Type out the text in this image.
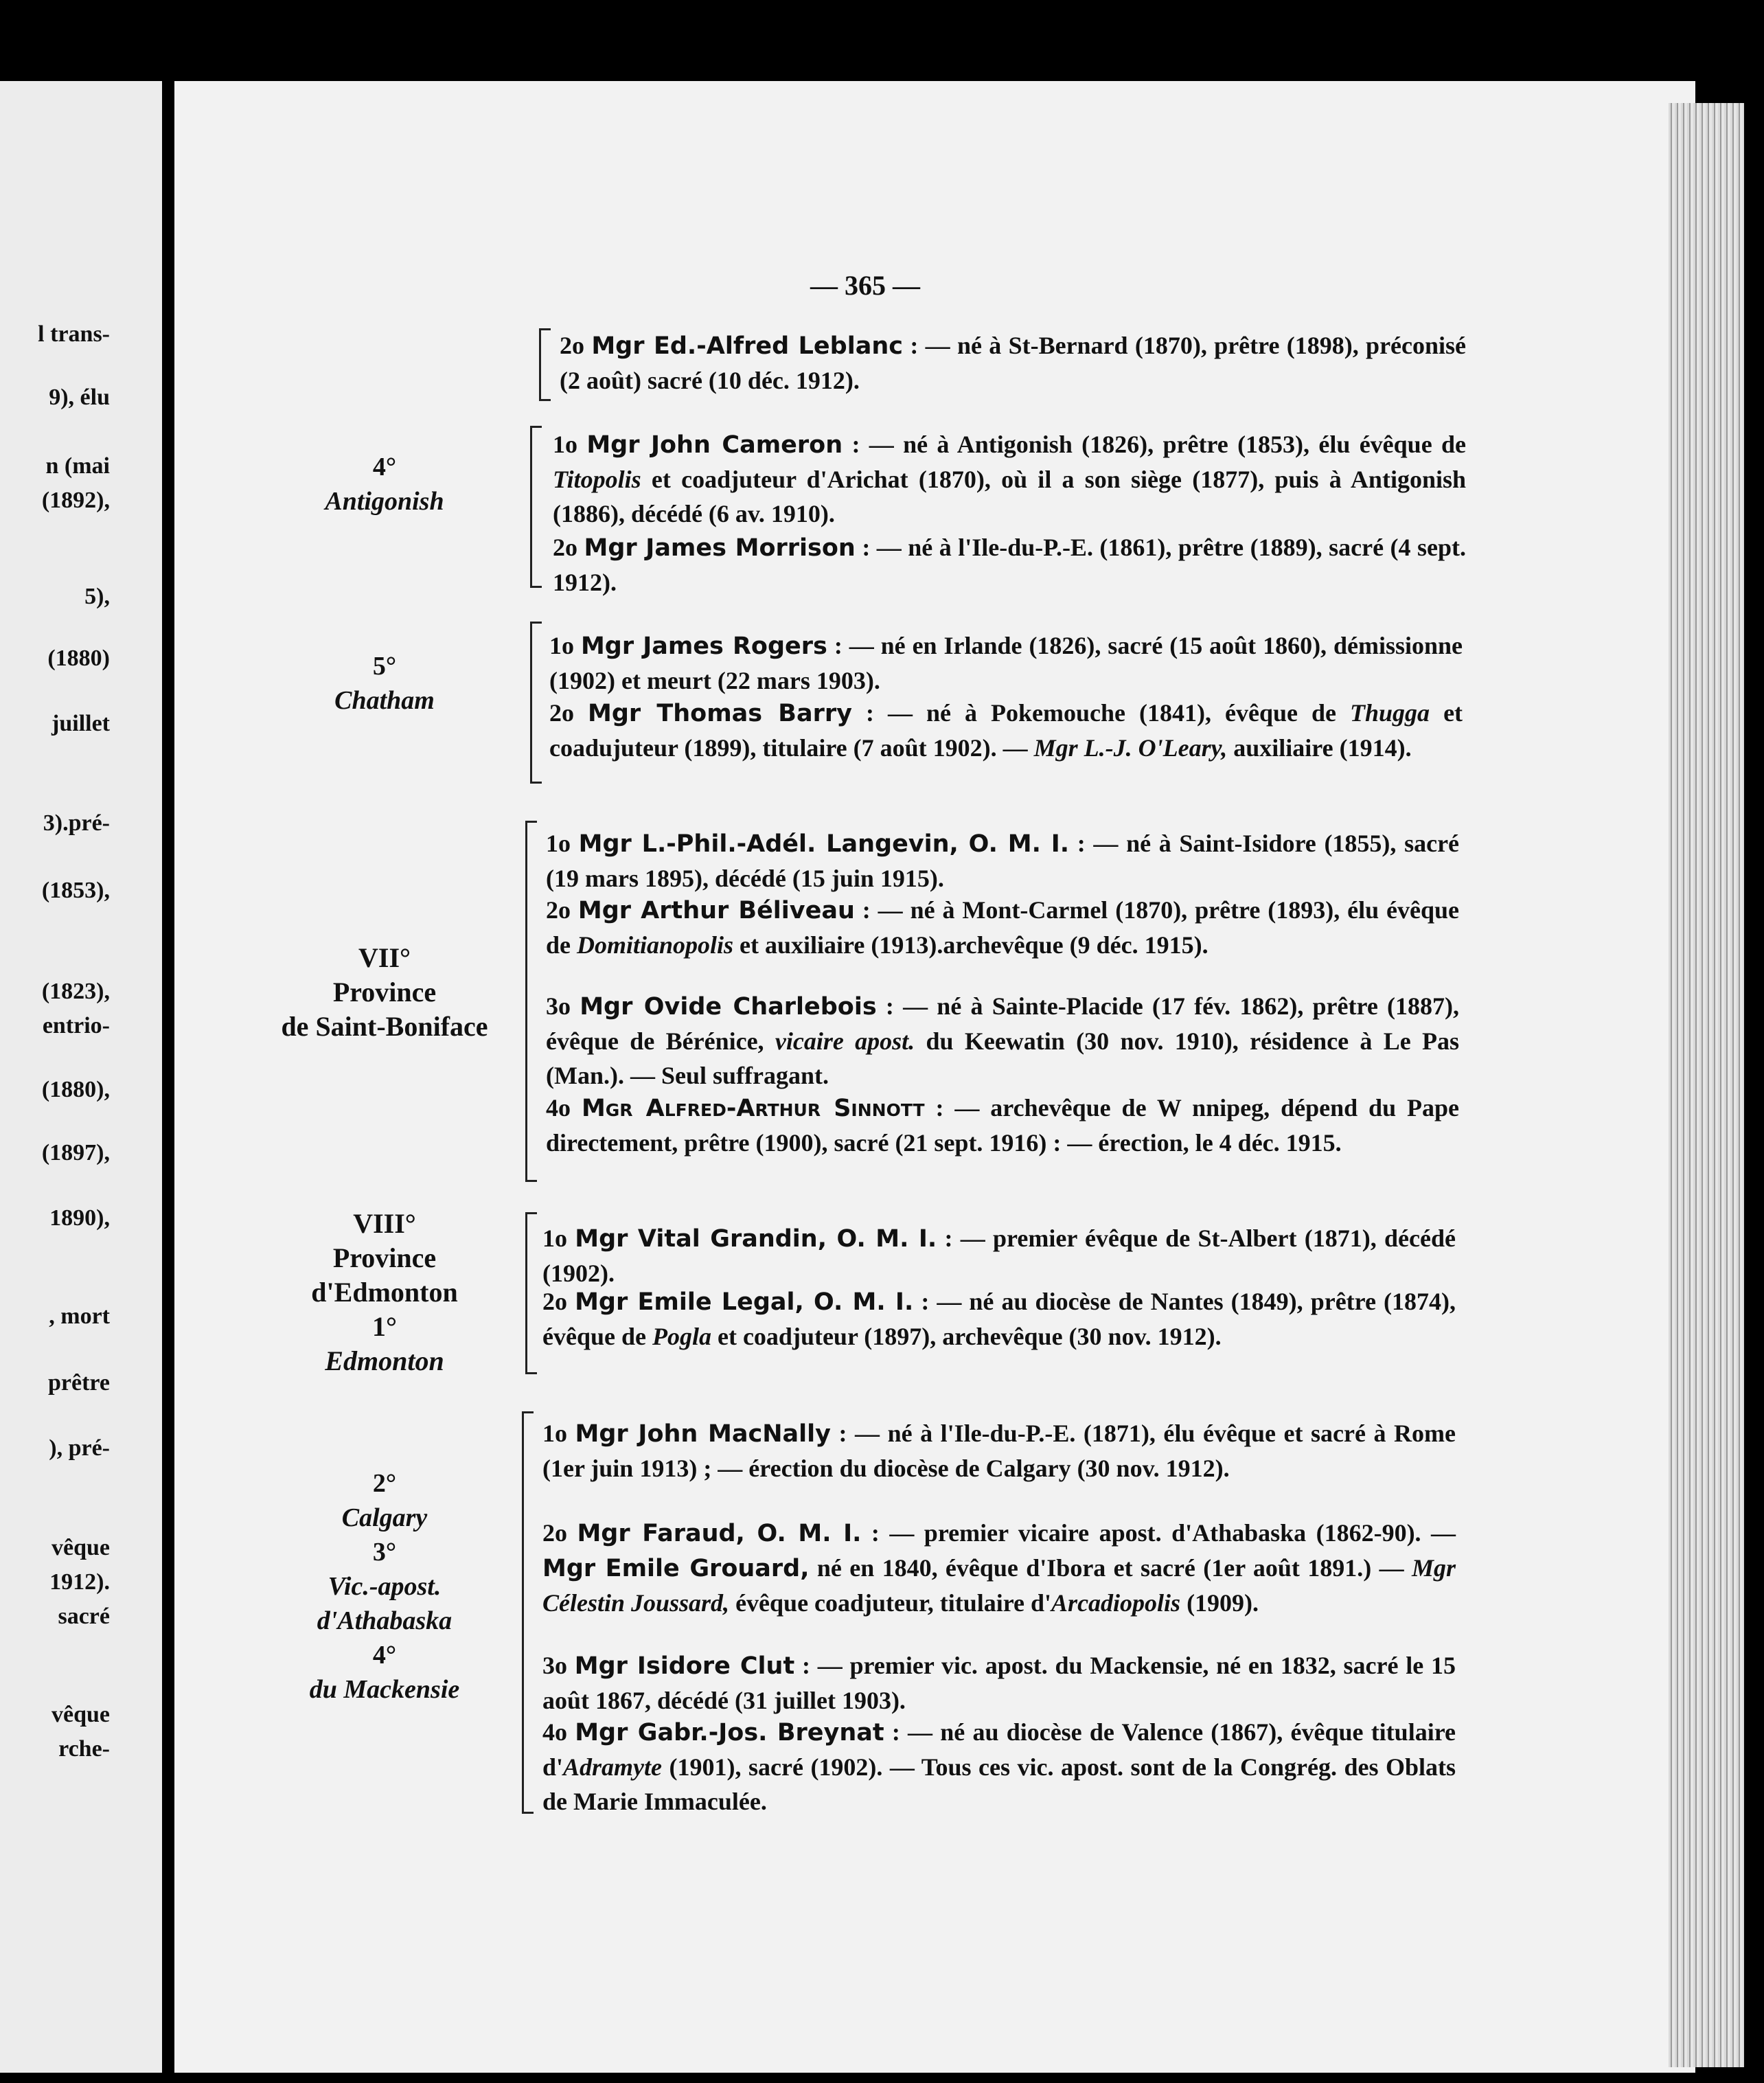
l trans-
9), élu
n (mai
(1892),
5),
(1880)
juillet
3).pré-
(1853),
(1823),
entrio-
(1880),
(1897),
1890),
, mort
prêtre
), pré-
vêque
1912).
sacré
vêque
rche-
— 365 —
4°
Antigonish
5°
Chatham
VII°
Province
de Saint-Boniface
VIII°
Province
d'Edmonton
1°
Edmonton
2°
Calgary
3°
Vic.-apost.
d'Athabaska
4°
du Mackensie
2o Mgr Ed.-Alfred Leblanc : — né à St-Bernard (1870), prêtre (1898), préconisé (2 août) sacré (10 déc. 1912).
1o Mgr John Cameron : — né à Antigonish (1826), prêtre (1853), élu évêque de Titopolis et coadjuteur d'Arichat (1870), où il a son siège (1877), puis à Antigonish (1886), décédé (6 av. 1910).
2o Mgr James Morrison : — né à l'Ile-du-P.-E. (1861), prêtre (1889), sacré (4 sept. 1912).
1o Mgr James Rogers : — né en Irlande (1826), sacré (15 août 1860), démissionne (1902) et meurt (22 mars 1903).
2o Mgr Thomas Barry : — né à Pokemouche (1841), évêque de Thugga et coadujuteur (1899), titulaire (7 août 1902). — Mgr L.-J. O'Leary, auxiliaire (1914).
1o Mgr L.-Phil.-Adél. Langevin, O. M. I. : — né à Saint-Isidore (1855), sacré (19 mars 1895), décédé (15 juin 1915).
2o Mgr Arthur Béliveau : — né à Mont-Carmel (1870), prêtre (1893), élu évêque de Domitianopolis et auxiliaire (1913).archevêque (9 déc. 1915).
3o Mgr Ovide Charlebois : — né à Sainte-Placide (17 fév. 1862), prêtre (1887), évêque de Bérénice, vicaire apost. du Keewatin (30 nov. 1910), résidence à Le Pas (Man.). — Seul suffragant.
4o Mgr Alfred-Arthur Sinnott : — archevêque de W nnipeg, dépend du Pape directement, prêtre (1900), sacré (21 sept. 1916) : — érection, le 4 déc. 1915.
1o Mgr Vital Grandin, O. M. I. : — premier évêque de St-Albert (1871), décédé (1902).
2o Mgr Emile Legal, O. M. I. : — né au diocèse de Nantes (1849), prêtre (1874), évêque de Pogla et coadjuteur (1897), archevêque (30 nov. 1912).
1o Mgr John MacNally : — né à l'Ile-du-P.-E. (1871), élu évêque et sacré à Rome (1er juin 1913) ; — érection du diocèse de Calgary (30 nov. 1912).
2o Mgr Faraud, O. M. I. : — premier vicaire apost. d'Athabaska (1862-90). — Mgr Emile Grouard, né en 1840, évêque d'Ibora et sacré (1er août 1891.) — Mgr Célestin Joussard, évêque coadjuteur, titulaire d'Arcadiopolis (1909).
3o Mgr Isidore Clut : — premier vic. apost. du Mackensie, né en 1832, sacré le 15 août 1867, décédé (31 juillet 1903).
4o Mgr Gabr.-Jos. Breynat : — né au diocèse de Valence (1867), évêque titulaire d'Adramyte (1901), sacré (1902). — Tous ces vic. apost. sont de la Congrég. des Oblats de Marie Immaculée.
